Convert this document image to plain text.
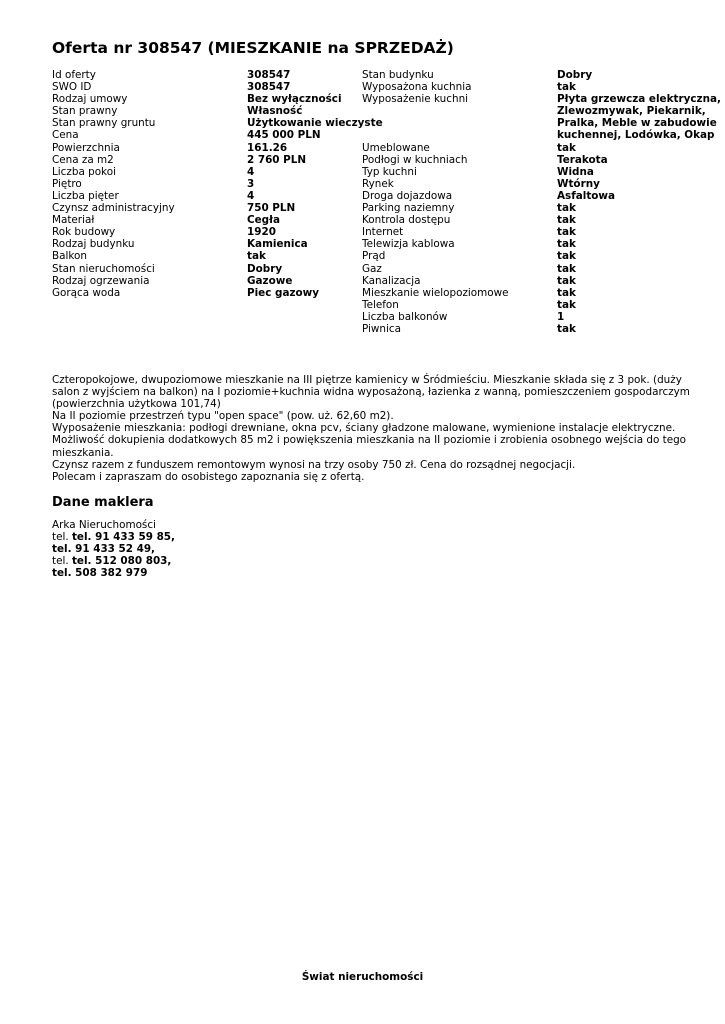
Oferta nr 308547 (MIESZKANIE na SPRZEDAŻ)
Id oferty
SWO ID
Rodzaj umowy
Stan prawny
Stan prawny gruntu
Cena
Powierzchnia
Cena za m2
Liczba pokoi
Piętro
Liczba pięter
Czynsz administracyjny
Materiał
Rok budowy
Rodzaj budynku
Balkon
Stan nieruchomości
Rodzaj ogrzewania
Gorąca woda
308547
308547
Bez wyłączności
Własność
Użytkowanie wieczyste
445 000 PLN
161.26
2 760 PLN
4
3
4
750 PLN
Cegła
1920
Kamienica
tak
Dobry
Gazowe
Piec gazowy
Stan budynku
Wyposażona kuchnia
Wyposażenie kuchni
Umeblowane
Podłogi w kuchniach
Typ kuchni
Rynek
Droga dojazdowa
Parking naziemny
Kontrola dostępu
Internet
Telewizja kablowa
Prąd
Gaz
Kanalizacja
Mieszkanie wielopoziomowe
Telefon
Liczba balkonów
Piwnica
Dobry
tak
Płyta grzewcza elektryczna,
Zlewozmywak, Piekarnik,
Pralka, Meble w zabudowie
kuchennej, Lodówka, Okap
tak
Terakota
Widna
Wtórny
Asfaltowa
tak
tak
tak
tak
tak
tak
tak
tak
tak
1
tak

Czteropokojowe, dwupoziomowe mieszkanie na III piętrze kamienicy w Śródmieściu. Mieszkanie składa się z 3 pok. (duży salon z wyjściem na balkon) na I poziomie+kuchnia widna wyposażoną, łazienka z wanną, pomieszczeniem gospodarczym (powierzchnia użytkowa 101,74)

Na II poziomie przestrzeń typu "open space" (pow. uż. 62,60 m2).

Wyposażenie mieszkania: podłogi drewniane, okna pcv, ściany gładzone malowane, wymienione instalacje elektryczne.

Możliwość dokupienia dodatkowych 85 m2 i powiększenia mieszkania na II poziomie i zrobienia osobnego wejścia do tego mieszkania.

Czynsz razem z funduszem remontowym wynosi na trzy osoby 750 zł. Cena do rozsądnej negocjacji.

Polecam i zapraszam do osobistego zapoznania się z ofertą.

Dane maklera
Arka Nieruchomości
tel. tel. 91 433 59 85,
tel. 91 433 52 49,
tel. tel. 512 080 803,
tel. 508 382 979
Świat nieruchomości
